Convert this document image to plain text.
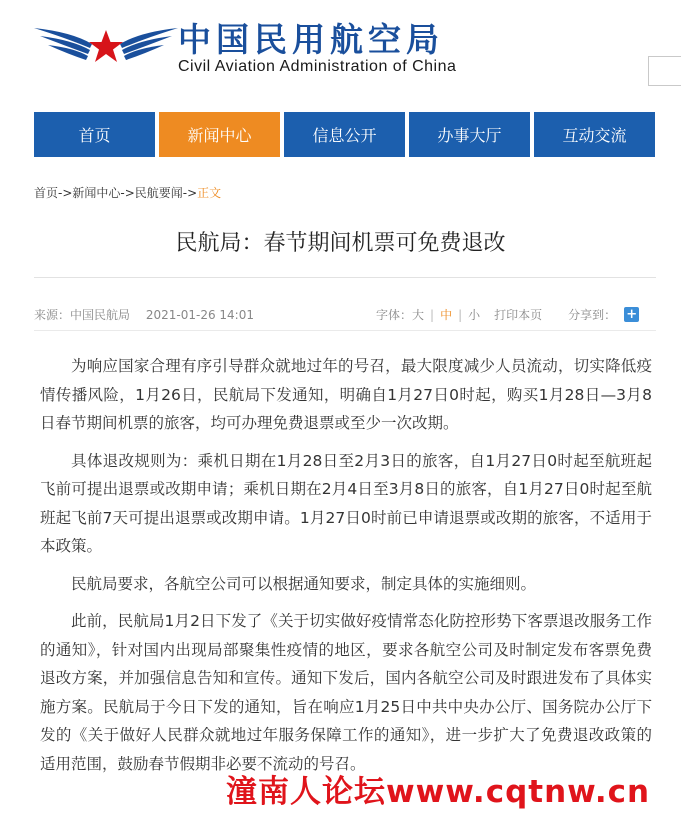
中国民用航空局
Civil Aviation Administration of China
首页	新闻中心	信息公开	办事大厅	互动交流
首页->新闻中心->民航要闻->正文
民航局：春节期间机票可免费退改
来源：中国民航局 2021-01-26 14:01	字体： 大 | 中 | 小 打印本页 分享到： +

为响应国家合理有序引导群众就地过年的号召，最大限度减少人员流动，切实降低疫情传播风险，1月26日，民航局下发通知，明确自1月27日0时起，购买1月28日—3月8日春节期间机票的旅客，均可办理免费退票或至少一次改期。

具体退改规则为：乘机日期在1月28日至2月3日的旅客，自1月27日0时起至航班起飞前可提出退票或改期申请；乘机日期在2月4日至3月8日的旅客，自1月27日0时起至航班起飞前7天可提出退票或改期申请。1月27日0时前已申请退票或改期的旅客，不适用于本政策。

民航局要求，各航空公司可以根据通知要求，制定具体的实施细则。

此前，民航局1月2日下发了《关于切实做好疫情常态化防控形势下客票退改服务工作的通知》，针对国内出现局部聚集性疫情的地区，要求各航空公司及时制定发布客票免费退改方案，并加强信息告知和宣传。通知下发后，国内各航空公司及时跟进发布了具体实施方案。民航局于今日下发的通知，旨在响应1月25日中共中央办公厅、国务院办公厅下发的《关于做好人民群众就地过年服务保障工作的通知》，进一步扩大了免费退改政策的适用范围，鼓励春节假期非必要不流动的号召。

潼南人论坛www.cqtnw.cn
